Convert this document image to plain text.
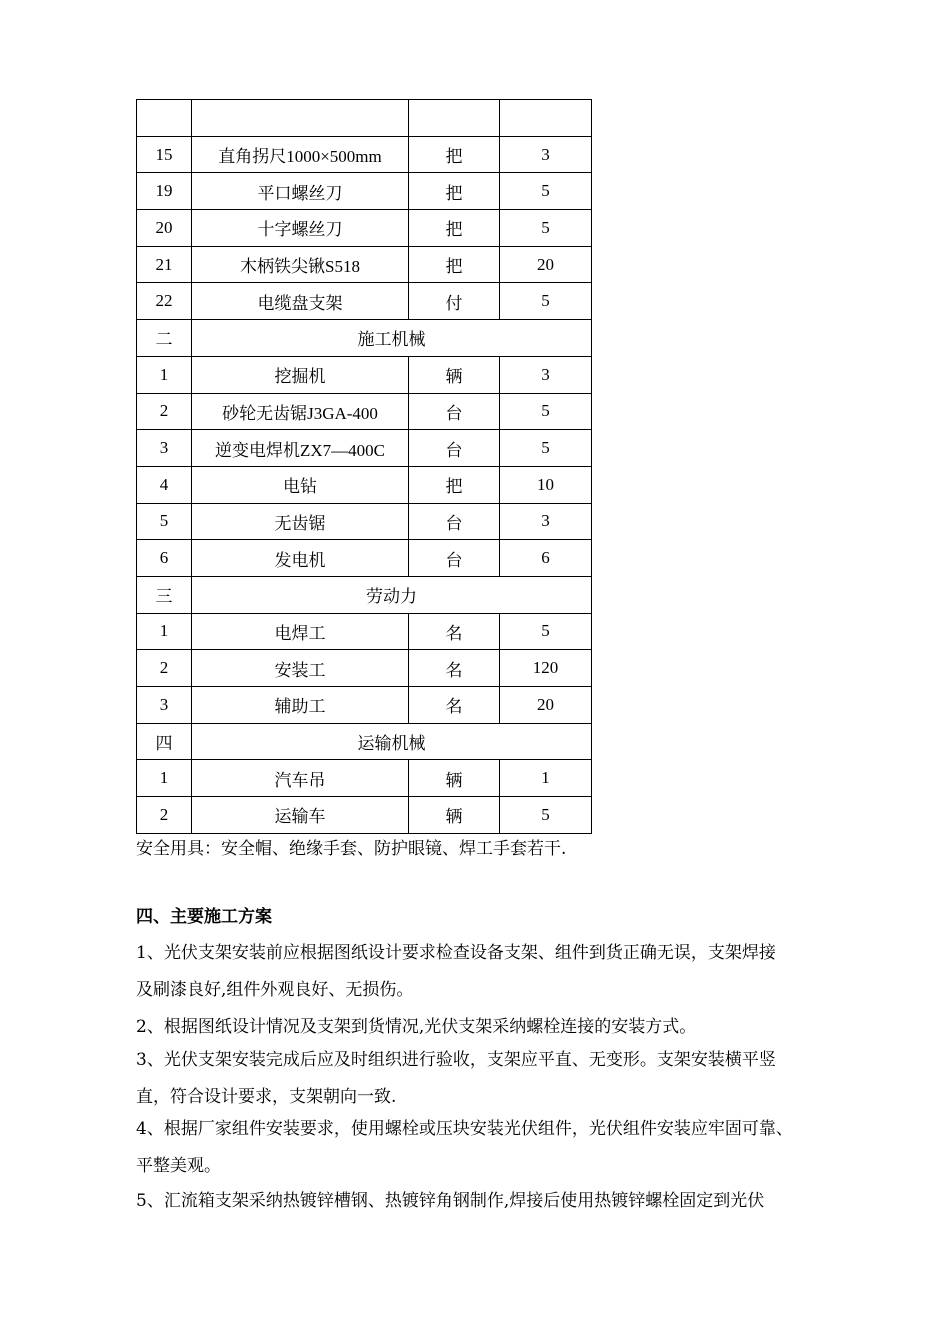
15	直角拐尺1000×500mm	把	3
19	平口螺丝刀	把	5
20	十字螺丝刀	把	5
21	木柄铁尖锹S518	把	20
22	电缆盘支架	付	5
二	施工机械		
1	挖掘机	辆	3
2	砂轮无齿锯J3GA-400	台	5
3	逆变电焊机ZX7—400C	台	5
4	电钻	把	10
5	无齿锯	台	3
6	发电机	台	6
三	劳动力		
1	电焊工	名	5
2	安装工	名	120
3	辅助工	名	20
四	运输机械		
1	汽车吊	辆	1
2	运输车	辆	5
安全用具：安全帽、绝缘手套、防护眼镜、焊工手套若干.
四、主要施工方案
1、光伏支架安装前应根据图纸设计要求检查设备支架、组件到货正确无误，支架焊接
及刷漆良好,组件外观良好、无损伤。
2、根据图纸设计情况及支架到货情况,光伏支架采纳螺栓连接的安装方式。
3、光伏支架安装完成后应及时组织进行验收，支架应平直、无变形。支架安装横平竖
直，符合设计要求，支架朝向一致.
4、根据厂家组件安装要求，使用螺栓或压块安装光伏组件，光伏组件安装应牢固可靠、
平整美观。
5、汇流箱支架采纳热镀锌槽钢、热镀锌角钢制作,焊接后使用热镀锌螺栓固定到光伏
